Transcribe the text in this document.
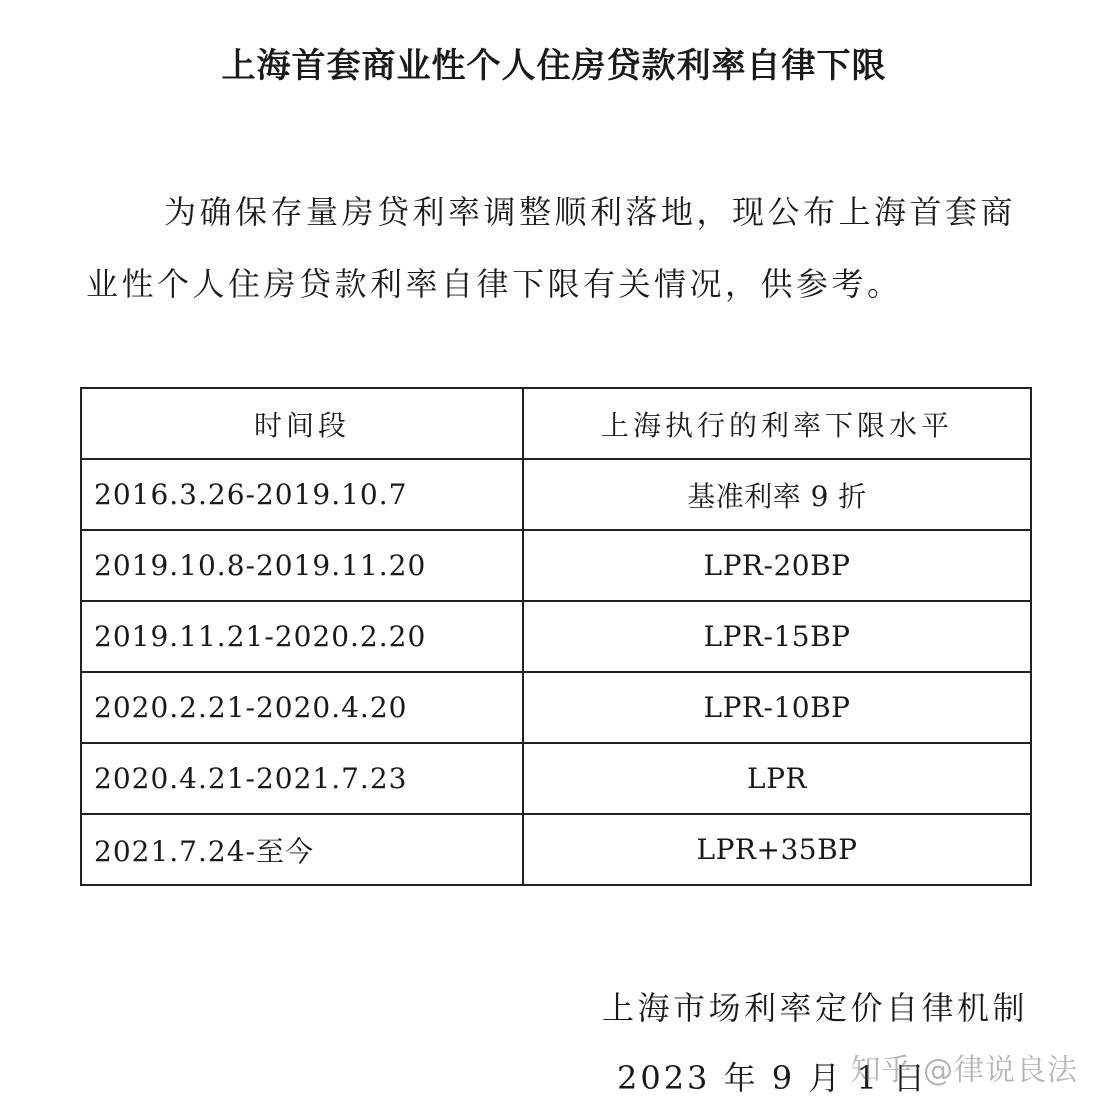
上海首套商业性个人住房贷款利率自律下限

为确保存量房贷利率调整顺利落地，现公布上海首套商业性个人住房贷款利率自律下限有关情况，供参考。

时间段	上海执行的利率下限水平
2016.3.26-2019.10.7	基准利率 9 折
2019.10.8-2019.11.20	LPR-20BP
2019.11.21-2020.2.20	LPR-15BP
2020.2.21-2020.4.20	LPR-10BP
2020.4.21-2021.7.23	LPR
2021.7.24-至今	LPR+35BP
上海市场利率定价自律机制
2023 年 9 月 1 日
知乎 @律说良法
